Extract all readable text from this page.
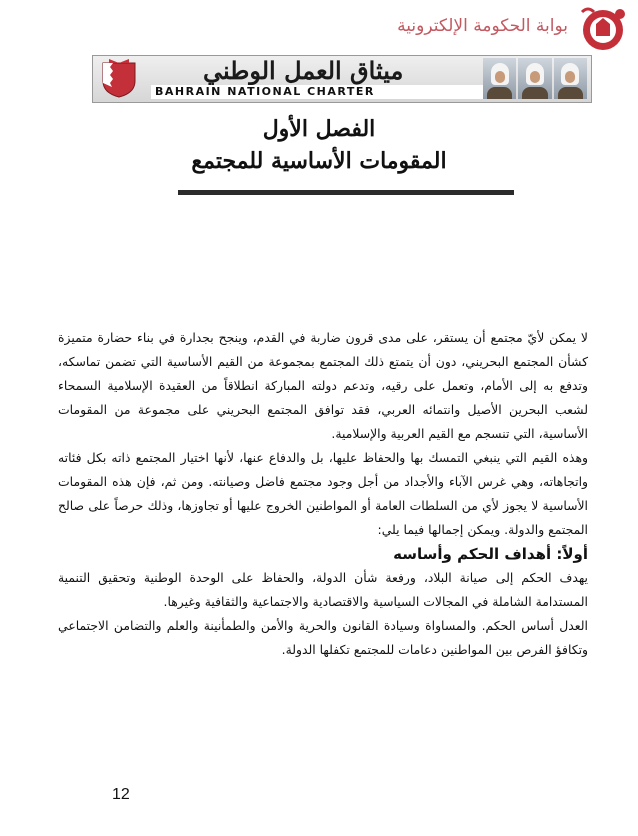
بوابة الحكومة الإلكترونية
ميثاق العمل الوطني
BAHRAIN NATIONAL CHARTER
الفصل الأول
المقومات الأساسية للمجتمع

لا يمكن لأيّ مجتمع أن يستقر، على مدى قرون ضاربة في القدم، وينجح بجدارة في بناء حضارة متميزة كشأن المجتمع البحريني، دون أن يتمتع ذلك المجتمع بمجموعة من القيم الأساسية التي تضمن تماسكه، وتدفع به إلى الأمام، وتعمل على رقيه، وتدعم دولته المباركة انطلاقاً من العقيدة الإسلامية السمحاء لشعب البحرين الأصيل وانتمائه العربي، فقد توافق المجتمع البحريني على مجموعة من المقومات الأساسية، التي تنسجم مع القيم العربية والإسلامية.

وهذه القيم التي ينبغي التمسك بها والحفاظ عليها، بل والدفاع عنها، لأنها اختيار المجتمع ذاته بكل فئاته واتجاهاته، وهي غرس الآباء والأجداد من أجل وجود مجتمع فاضل وصيانته. ومن ثم، فإن هذه المقومات الأساسية لا يجوز لأي من السلطات العامة أو المواطنين الخروج عليها أو تجاوزها، وذلك حرصاً على صالح المجتمع والدولة. ويمكن إجمالها فيما يلي:

أولاً: أهداف الحكم وأساسه

يهدف الحكم إلى صيانة البلاد، ورفعة شأن الدولة، والحفاظ على الوحدة الوطنية وتحقيق التنمية المستدامة الشاملة في المجالات السياسية والاقتصادية والاجتماعية والثقافية وغيرها.

العدل أساس الحكم. والمساواة وسيادة القانون والحرية والأمن والطمأنينة والعلم والتضامن الاجتماعي وتكافؤ الفرص بين المواطنين دعامات للمجتمع تكفلها الدولة.

12
